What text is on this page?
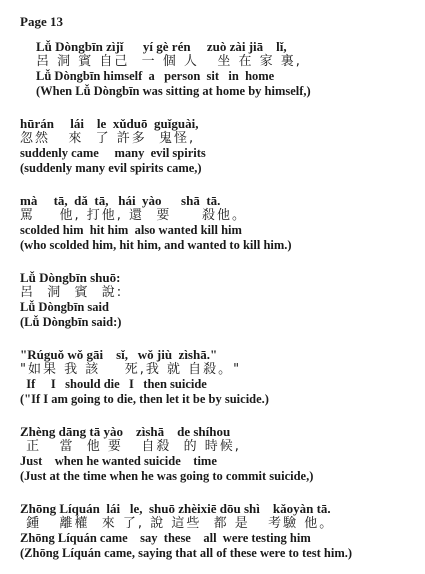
Page 13
Lǚ Dòngbīn zìjǐ      yí gè rén     zuò zài jiā    lǐ,
呂 洞 賓 自己  一 個 人   坐 在 家 裏,
Lǚ Dòngbīn himself  a   person  sit   in  home
(When Lǚ Dòngbīn was sitting at home by himself,)
hūrán     lái    le  xǔduō  guǐguài,
忽然   來  了 許多  鬼怪,
suddenly came     many  evil spirits
(suddenly many evil spirits came,)
mà     tā,  dǎ  tā,   hái  yào      shā  tā.
罵    他, 打他, 還  要     殺他。
scolded him  hit him  also wanted kill him
(who scolded him, hit him, and wanted to kill him.)
Lǚ Dòngbīn shuō:
呂  洞  賓  說:
Lǚ Dòngbīn said
(Lǚ Dòngbīn said:)
"Rúguǒ wǒ gāi    sǐ,   wǒ jiù  zìshā."
"如果 我 該    死,我 就 自殺。"
If     I   should die   I   then suicide
("If I am going to die, then let it be by suicide.)
Zhèng dāng tā yào    zìshā    de shíhou
正   當  他 要   自殺  的 時候,
Just    when he wanted suicide    time
(Just at the time when he was going to commit suicide,)
Zhōng Líquán  lái   le,  shuō zhèixiē dōu shì    kǎoyàn tā.
鍾   離權  來 了, 說 這些  都 是   考驗 他。
Zhōng Líquán came    say  these    all  were testing him
(Zhōng Líquán came, saying that all of these were to test him.)
